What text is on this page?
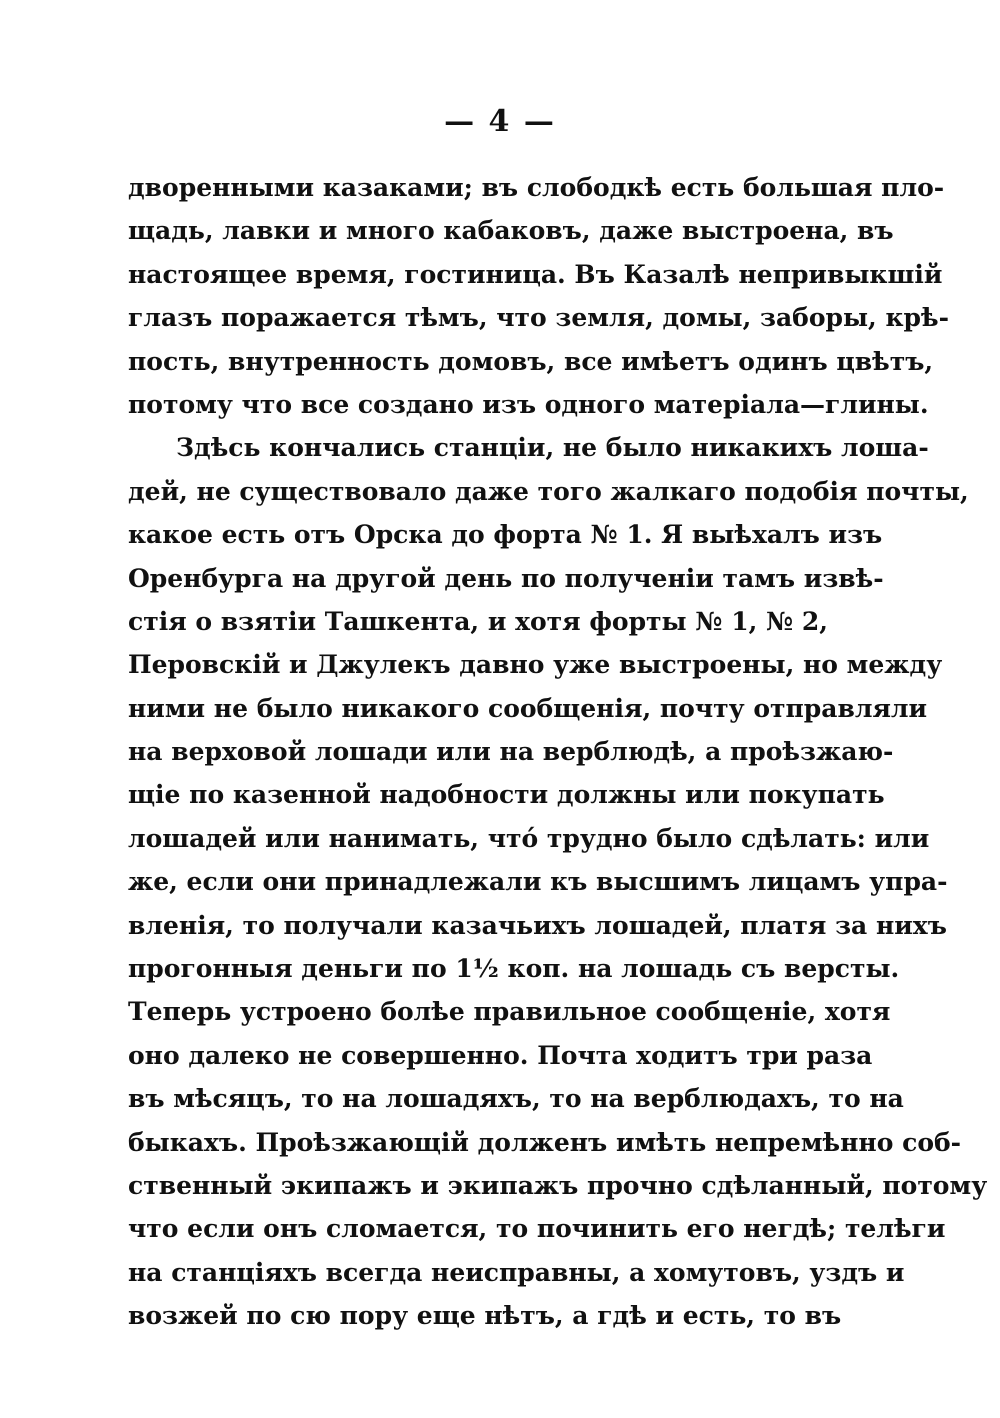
— 4 —
дворенными казаками; въ слободкѣ есть большая пло-
щадь, лавки и много кабаковъ, даже выстроена, въ
настоящее время, гостиница. Въ Казалѣ непривыкшій
глазъ поражается тѣмъ, что земля, домы, заборы, крѣ-
пость, внутренность домовъ, все имѣетъ одинъ цвѣтъ,
потому что все создано изъ одного матеріала—глины.
Здѣсь кончались станціи, не было никакихъ лошa-
дей, не существовало даже того жалкаго подобія почты,
какое есть отъ Орска до форта № 1. Я выѣхалъ изъ
Оренбурга на другой день по полученіи тамъ извѣ-
стія о взятіи Ташкента, и хотя форты № 1, № 2,
Перовскій и Джулекъ давно уже выстроены, но между
ними не было никакого сообщенія, почту отправляли
на верховой лошади или на верблюдѣ, а проѣзжаю-
щіе по казенной надобности должны или покупать
лошадей или нанимать, что́ трудно было сдѣлать: или
же, если они принадлежали къ высшимъ лицамъ упра-
вленія, то получали казачьихъ лошадей, платя за нихъ
прогонныя деньги по 1½ коп. на лошадь съ версты.
Теперь устроено болѣе правильное сообщеніе, хотя
оно далеко не совершенно. Почта ходитъ три раза
въ мѣсяцъ, то на лошадяхъ, то на верблюдахъ, то на
быкахъ. Проѣзжающій долженъ имѣть непремѣнно соб-
ственный экипажъ и экипажъ прочно сдѣланный, потому
что если онъ сломается, то починить его негдѣ; телѣги
на станціяхъ всегда неисправны, а хомутовъ, уздъ и
возжей по сю пору еще нѣтъ, а гдѣ и есть, то въ
